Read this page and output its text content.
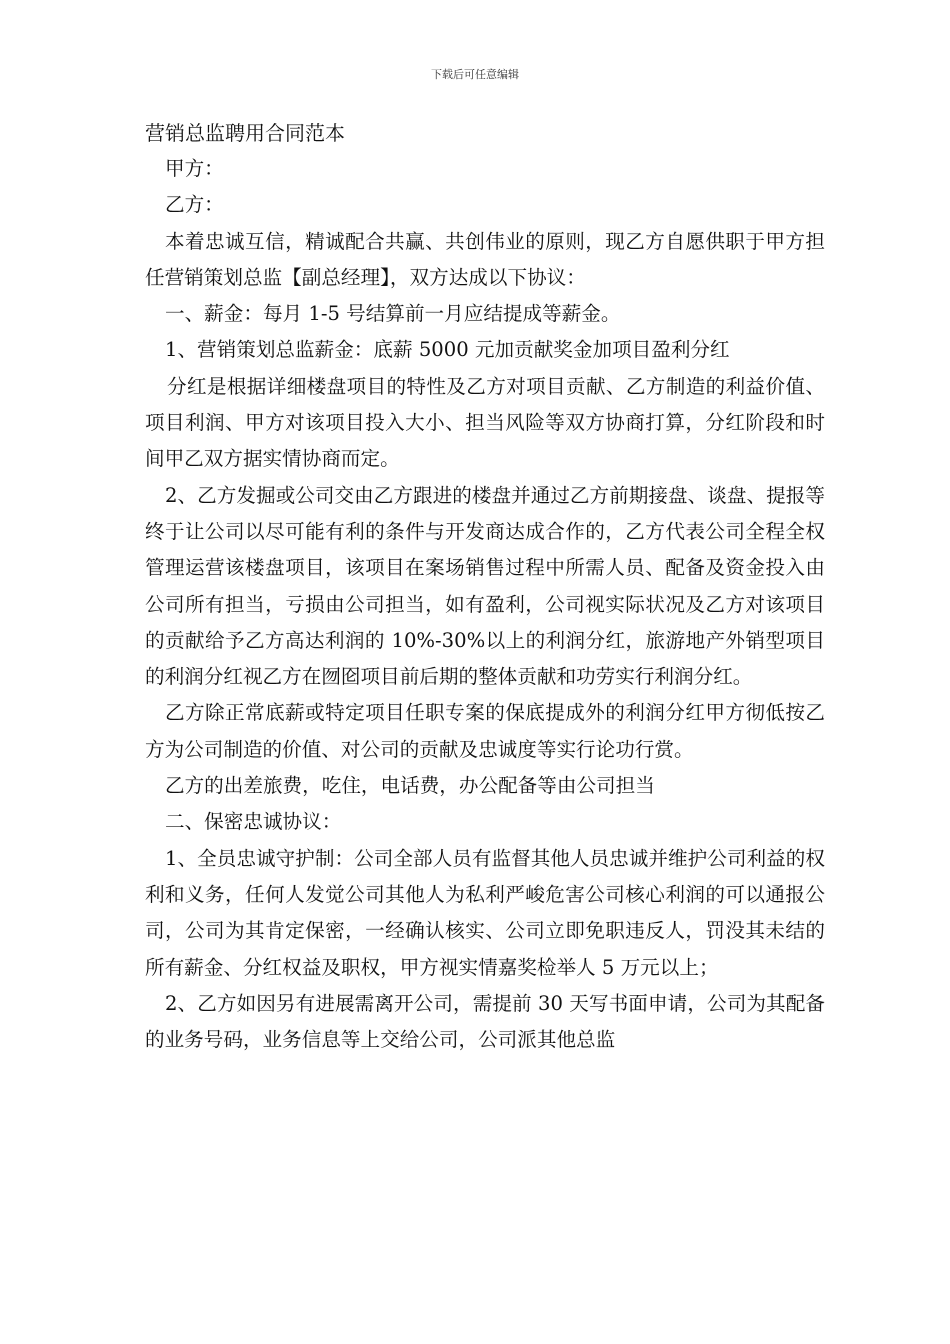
下载后可任意编辑
营销总监聘用合同范本

甲方：

乙方：

本着忠诚互信，精诚配合共赢、共创伟业的原则，现乙方自愿供职于甲方担任营销策划总监【副总经理】，双方达成以下协议：

一、薪金：每月 1-5 号结算前一月应结提成等薪金。

1、营销策划总监薪金：底薪 5000 元加贡献奖金加项目盈利分红

分红是根据详细楼盘项目的特性及乙方对项目贡献、乙方制造的利益价值、项目利润、甲方对该项目投入大小、担当风险等双方协商打算，分红阶段和时间甲乙双方据实情协商而定。

2、乙方发掘或公司交由乙方跟进的楼盘并通过乙方前期接盘、谈盘、提报等终于让公司以尽可能有利的条件与开发商达成合作的，乙方代表公司全程全权管理运营该楼盘项目，该项目在案场销售过程中所需人员、配备及资金投入由公司所有担当，亏损由公司担当，如有盈利，公司视实际状况及乙方对该项目的贡献给予乙方高达利润的 10%-30%以上的利润分红，旅游地产外销型项目的利润分红视乙方在囫囵项目前后期的整体贡献和功劳实行利润分红。

乙方除正常底薪或特定项目任职专案的保底提成外的利润分红甲方彻低按乙方为公司制造的价值、对公司的贡献及忠诚度等实行论功行赏。

乙方的出差旅费，吃住，电话费，办公配备等由公司担当

二、保密忠诚协议：

1、全员忠诚守护制：公司全部人员有监督其他人员忠诚并维护公司利益的权利和义务，任何人发觉公司其他人为私利严峻危害公司核心利润的可以通报公司，公司为其肯定保密，一经确认核实、公司立即免职违反人，罚没其未结的所有薪金、分红权益及职权，甲方视实情嘉奖检举人 5 万元以上；

2、乙方如因另有进展需离开公司，需提前 30 天写书面申请，公司为其配备的业务号码，业务信息等上交给公司，公司派其他总监
